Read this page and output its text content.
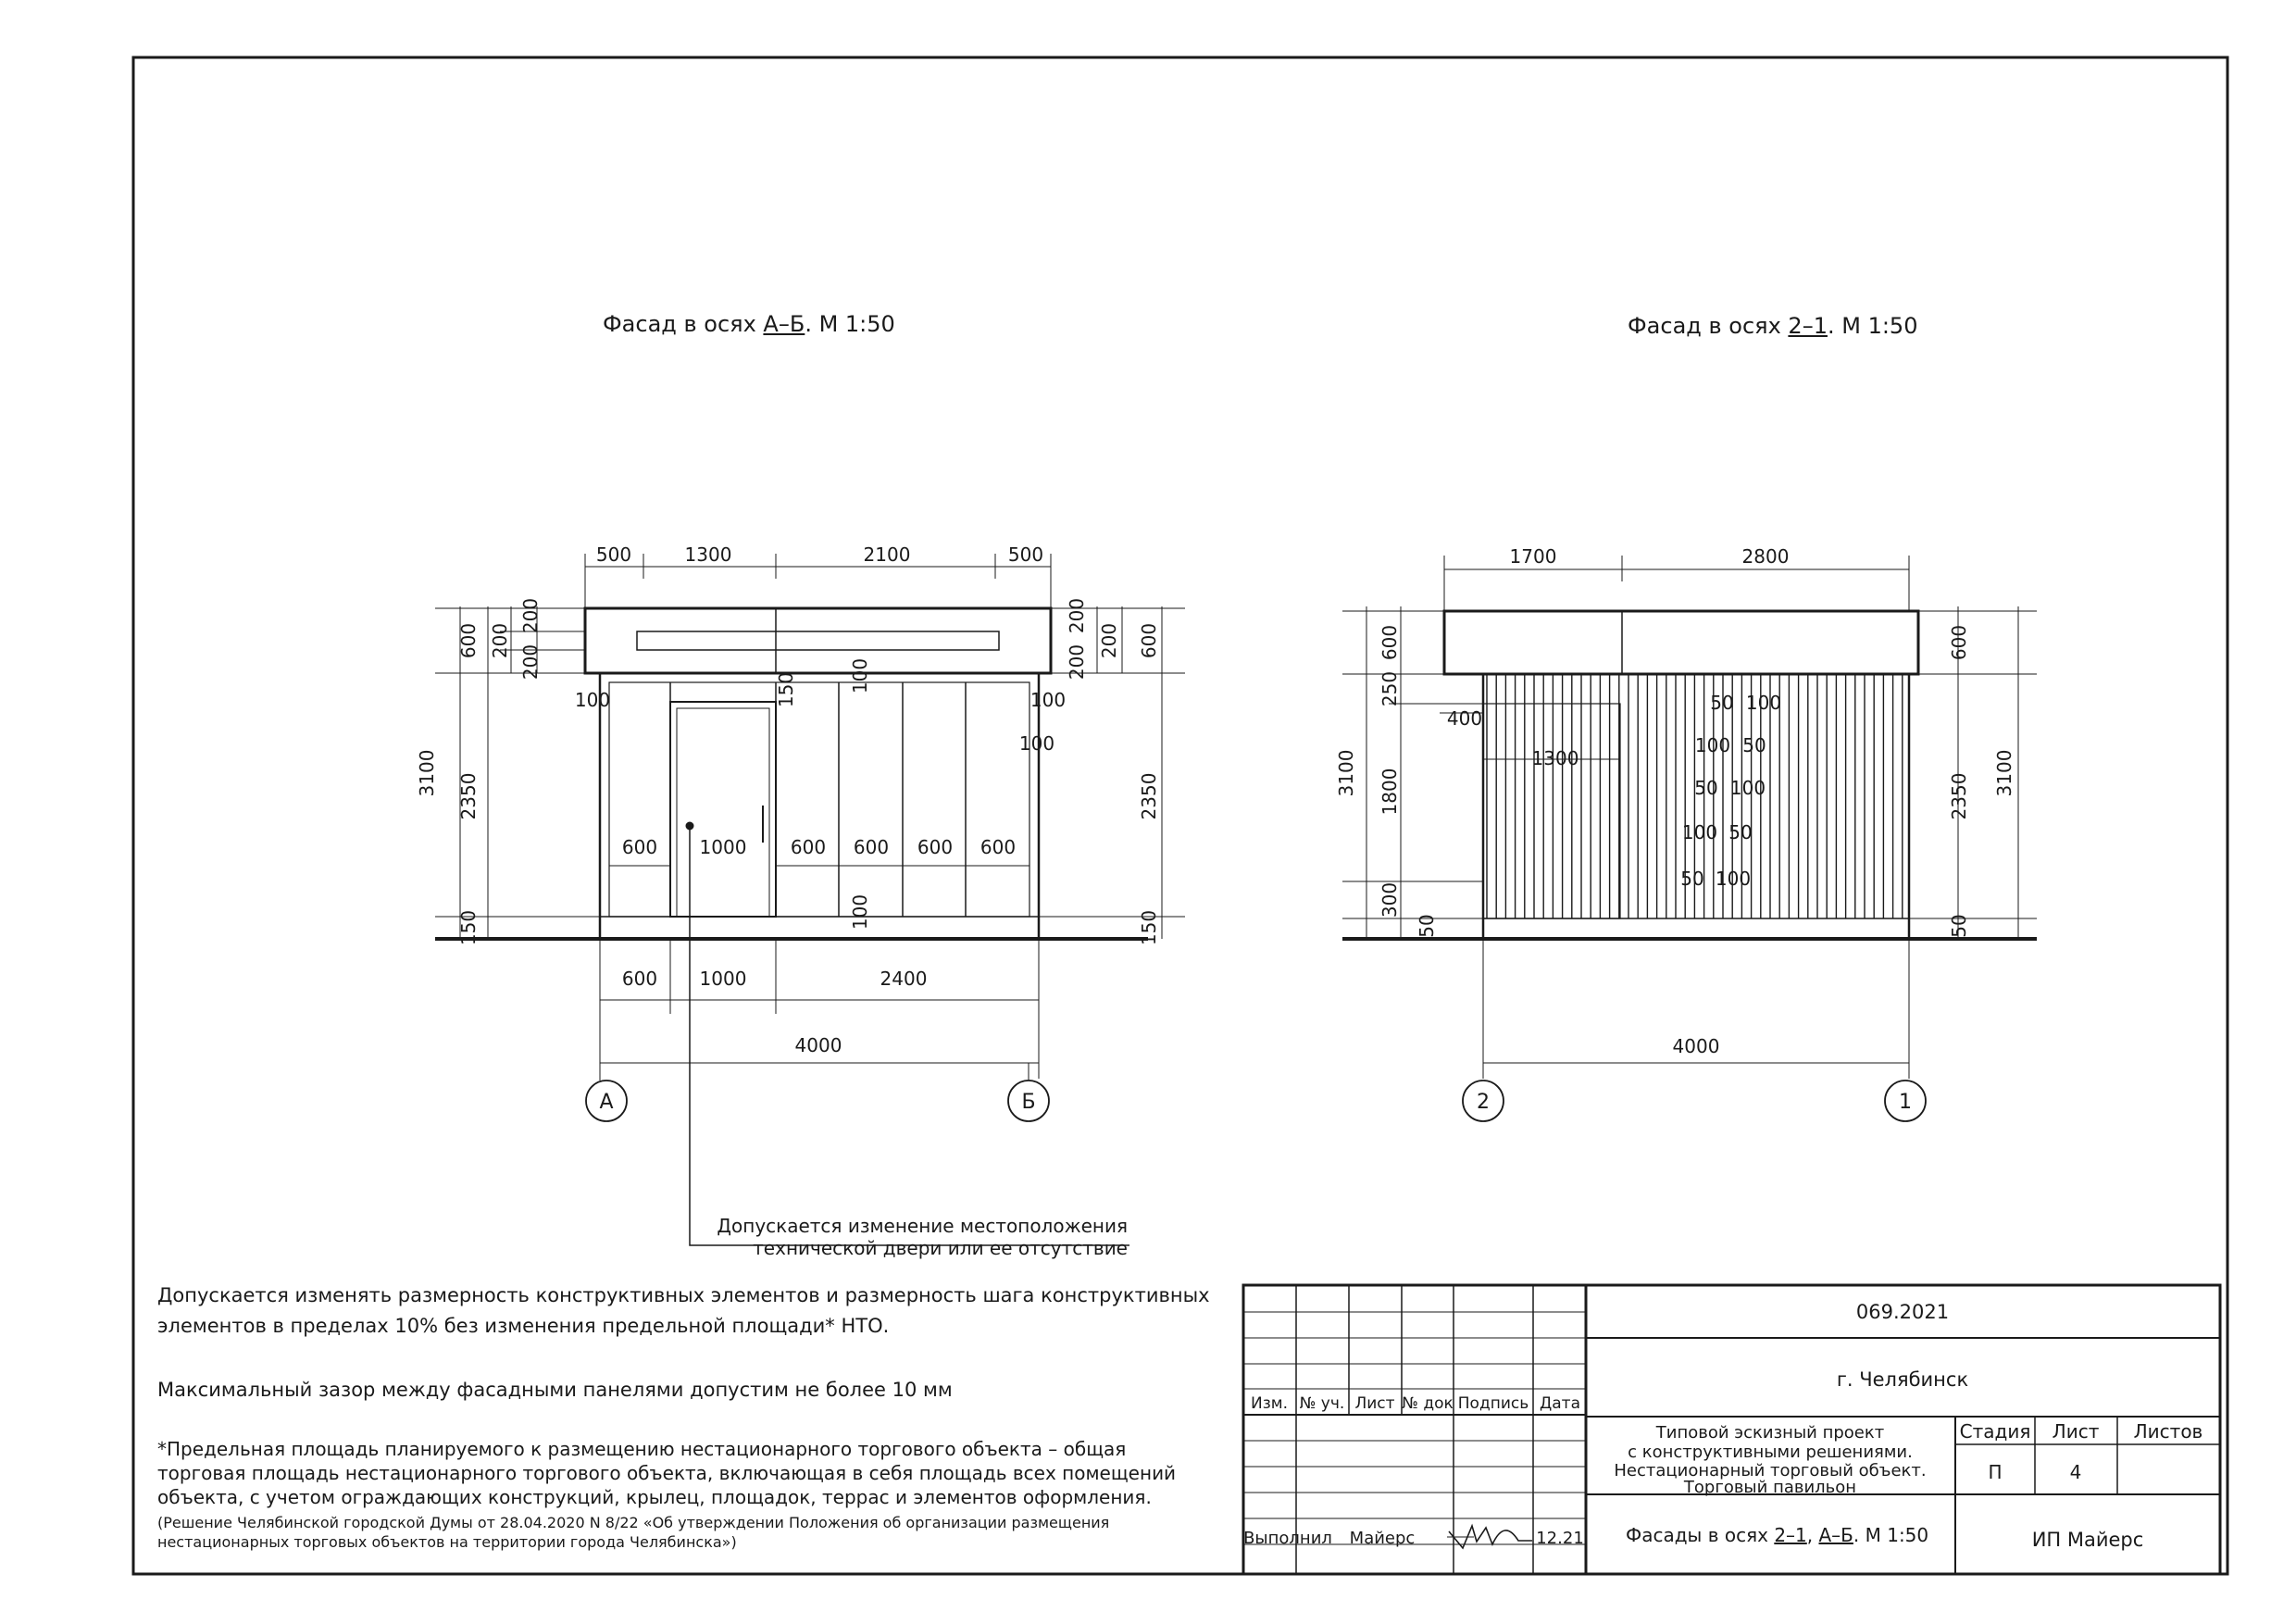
500	1300	2100	500
3100
600 200
200
200
2350
150
200
200
200
600
2350
150
100	150	100
100
100
100
600 1000 600 600 600 600
600 1000	2400
4000
А	Б
1700	2800
3100
600
250
1800
300
50
600
2350 3100
50
400
1300
50 100
100 50
50 100
100 50
50 100
4000
2	1
Изм. № уч. Лист № док Подпись Дата
069.2021
г. Челябинск
Типовой эскизный проект
с конструктивными решениями.
Нестационарный торговый объект.
Торговый павильон
Стадия Лист Листов
П	4
Выполнил Майерс	12.21	ИП Майерс
Фасад в осях А–Б. М 1:50	Фасад в осях 2–1. М 1:50
Допускается изменение местоположения
технической двери или ее отсутствие
Допускается изменять размерность конструктивных элементов и размерность шага конструктивных
элементов в пределах 10% без изменения предельной площади* НТО.
Максимальный зазор между фасадными панелями допустим не более 10 мм
*Предельная площадь планируемого к размещению нестационарного торгового объекта – общая
торговая площадь нестационарного торгового объекта, включающая в себя площадь всех помещений
объекта, с учетом ограждающих конструкций, крылец, площадок, террас и элементов оформления.
(Решение Челябинской городской Думы от 28.04.2020 N 8/22 «Об утверждении Положения об организации размещения
нестационарных торговых объектов на территории города Челябинска»)	Фасады в осях 2–1, А–Б. М 1:50
